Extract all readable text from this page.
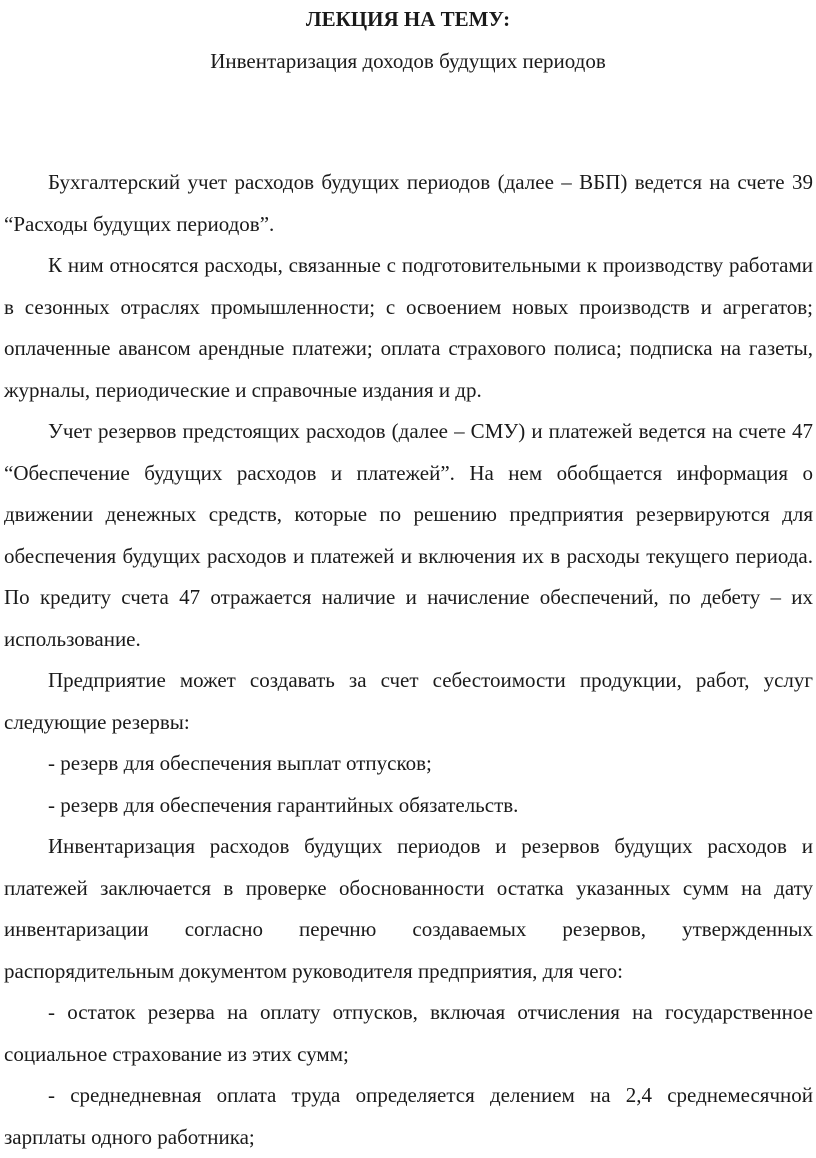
ЛЕКЦИЯ НА ТЕМУ:
Инвентаризация доходов будущих периодов

Бухгалтерский учет расходов будущих периодов (далее – ВБП) ведется на счете 39 “Расходы будущих периодов”.

К ним относятся расходы, связанные с подготовительными к производству работами в сезонных отраслях промышленности; с освоением новых производств и агрегатов; оплаченные авансом арендные платежи; оплата страхового полиса; подписка на газеты, журналы, периодические и справочные издания и др.

Учет резервов предстоящих расходов (далее – СМУ) и платежей ведется на счете 47 “Обеспечение будущих расходов и платежей”. На нем обобщается информация о движении денежных средств, которые по решению предприятия резервируются для обеспечения будущих расходов и платежей и включения их в расходы текущего периода. По кредиту счета 47 отражается наличие и начисление обеспечений, по дебету – их использование.

Предприятие может создавать за счет себестоимости продукции, работ, услуг следующие резервы:

- резерв для обеспечения выплат отпусков;

- резерв для обеспечения гарантийных обязательств.

Инвентаризация расходов будущих периодов и резервов будущих расходов и платежей заключается в проверке обоснованности остатка указанных сумм на дату инвентаризации согласно перечню создаваемых резервов, утвержденных распорядительным документом руководителя предприятия, для чего:

- остаток резерва на оплату отпусков, включая отчисления на государственное социальное страхование из этих сумм;

- среднедневная оплата труда определяется делением на 2,4 среднемесячной зарплаты одного работника;
